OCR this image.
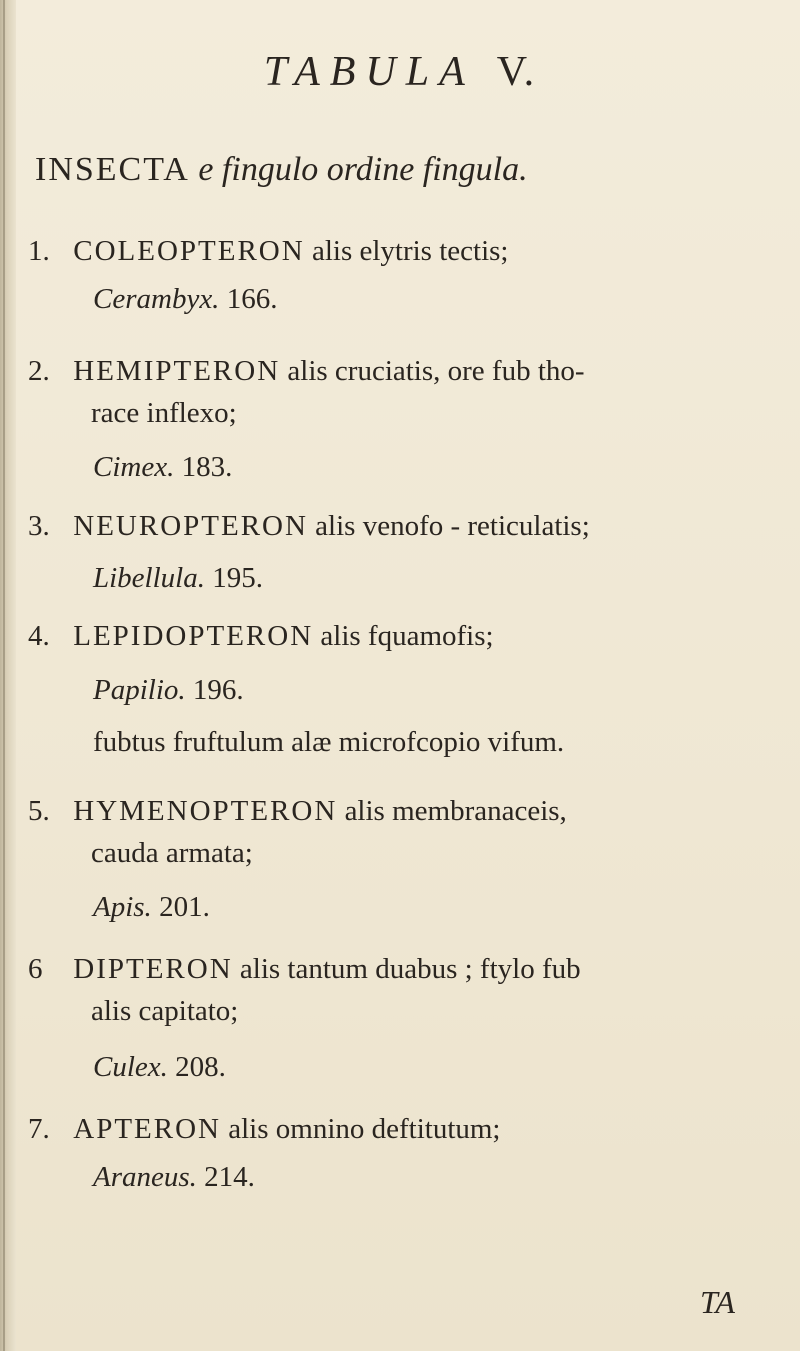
TABULA V.
INSECTA e fingulo ordine fingula.
1. COLEOPTERON alis elytris tectis;
Cerambyx. 166.
2. HEMIPTERON alis cruciatis, ore fub tho-
race inflexo;
Cimex. 183.
3. NEUROPTERON alis venofo - reticulatis;
Libellula. 195.
4. LEPIDOPTERON alis fquamofis;
Papilio. 196.
fubtus fruftulum alæ microfcopio vifum.
5. HYMENOPTERON alis membranaceis,
cauda armata;
Apis. 201.
6 DIPTERON alis tantum duabus ; ftylo fub
alis capitato;
Culex. 208.
7. APTERON alis omnino deftitutum;
Araneus. 214.
TA
